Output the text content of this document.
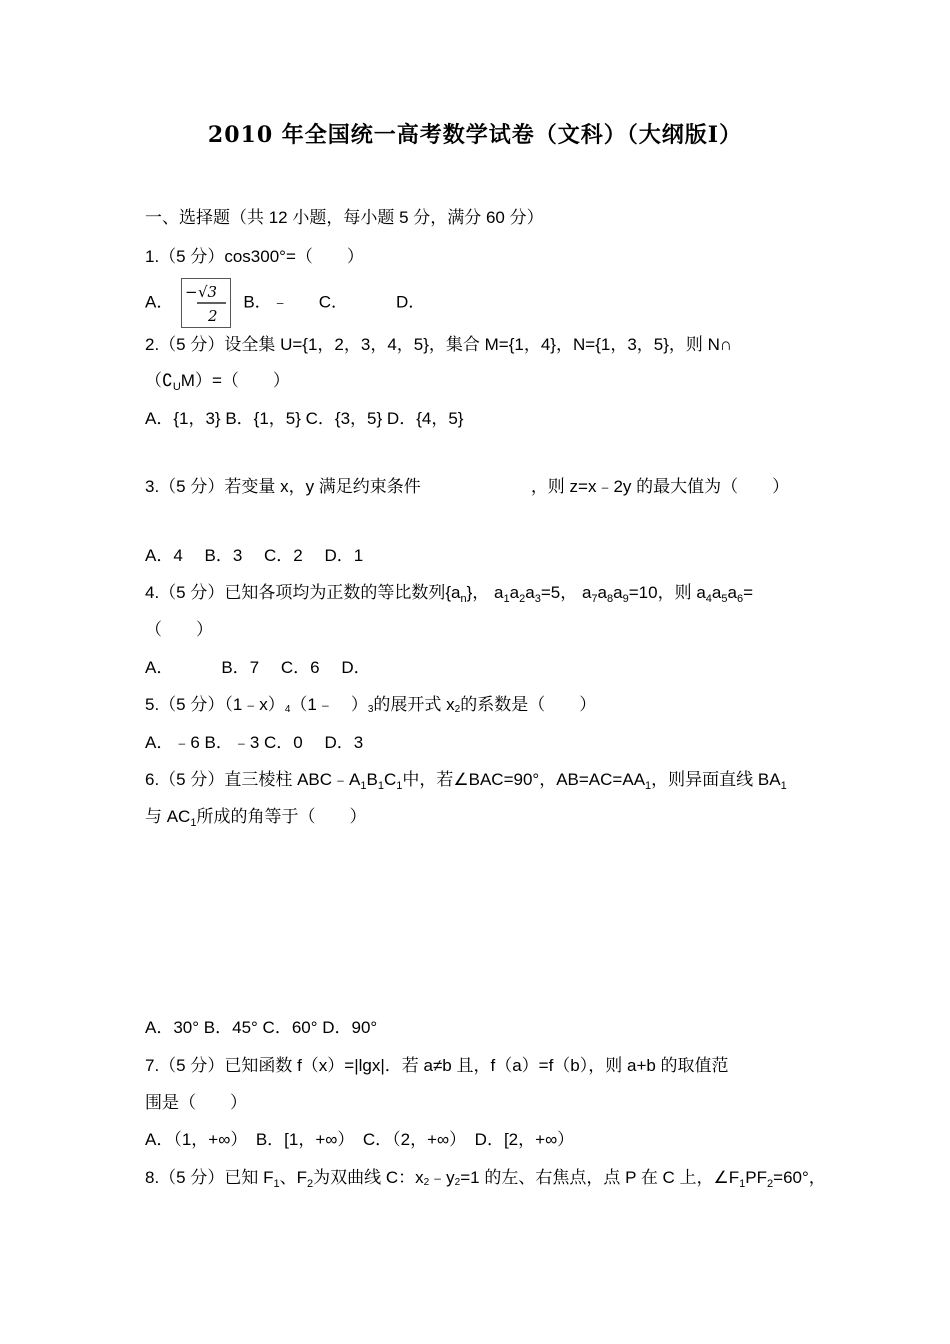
2010 年全国统一高考数学试卷（文科）（大纲版Ⅰ）
一、选择题（共 12 小题，每小题 5 分，满分 60 分）
1.（5 分）cos300°=（　　）
A．
− √3
2
B．﹣ C．	D．
2.（5 分）设全集 U={1，2，3，4，5}，集合 M={1，4}，N={1，3，5}，则 N∩
$(∁_UM)=$（　　）
A．{1，3} B．{1，5} C．{3，5} D．{4，5}
3.（5 分）若变量 x，y 满足约束条件	，则 z=x﹣2y 的最大值为（　　）
A．4　 B．3　 C．2　 D．1
4.（5 分）已知各项均为正数的等比数列$\{a_n\}$， $a_1a_2a_3=5$， $a_7a_8a_9=10$，则 $a_4a_5a_6=$
（　　）
A．	B．7　 C．6　 D．
5.（5 分）（1﹣x）4（1﹣　）3的展开式 x2的系数是（　　）
A．﹣6 B．﹣3 C．0　 D．3
6.（5 分）直三棱柱 $ABC﹣A_1B_1C_1$中，若∠BAC=90°，$AB=AC=AA_1$，则异面直线 $BA_1$
与 $AC_1$所成的角等于（　　）
A．30° B．45° C．60° D．90°
7.（5 分）已知函数 f（x）=|lgx|．若 a≠b 且，f（a）=f（b），则 a+b 的取值范
围是（　　）
A．（1，+∞）　B．[1，+∞）　C．（2，+∞）　D．[2，+∞）
8.（5 分）已知 $F_1$、$F_2$为双曲线 C：x2﹣y2=1 的左、右焦点，点 P 在 C 上，$\angle F_1PF_2=60^\circ$，
